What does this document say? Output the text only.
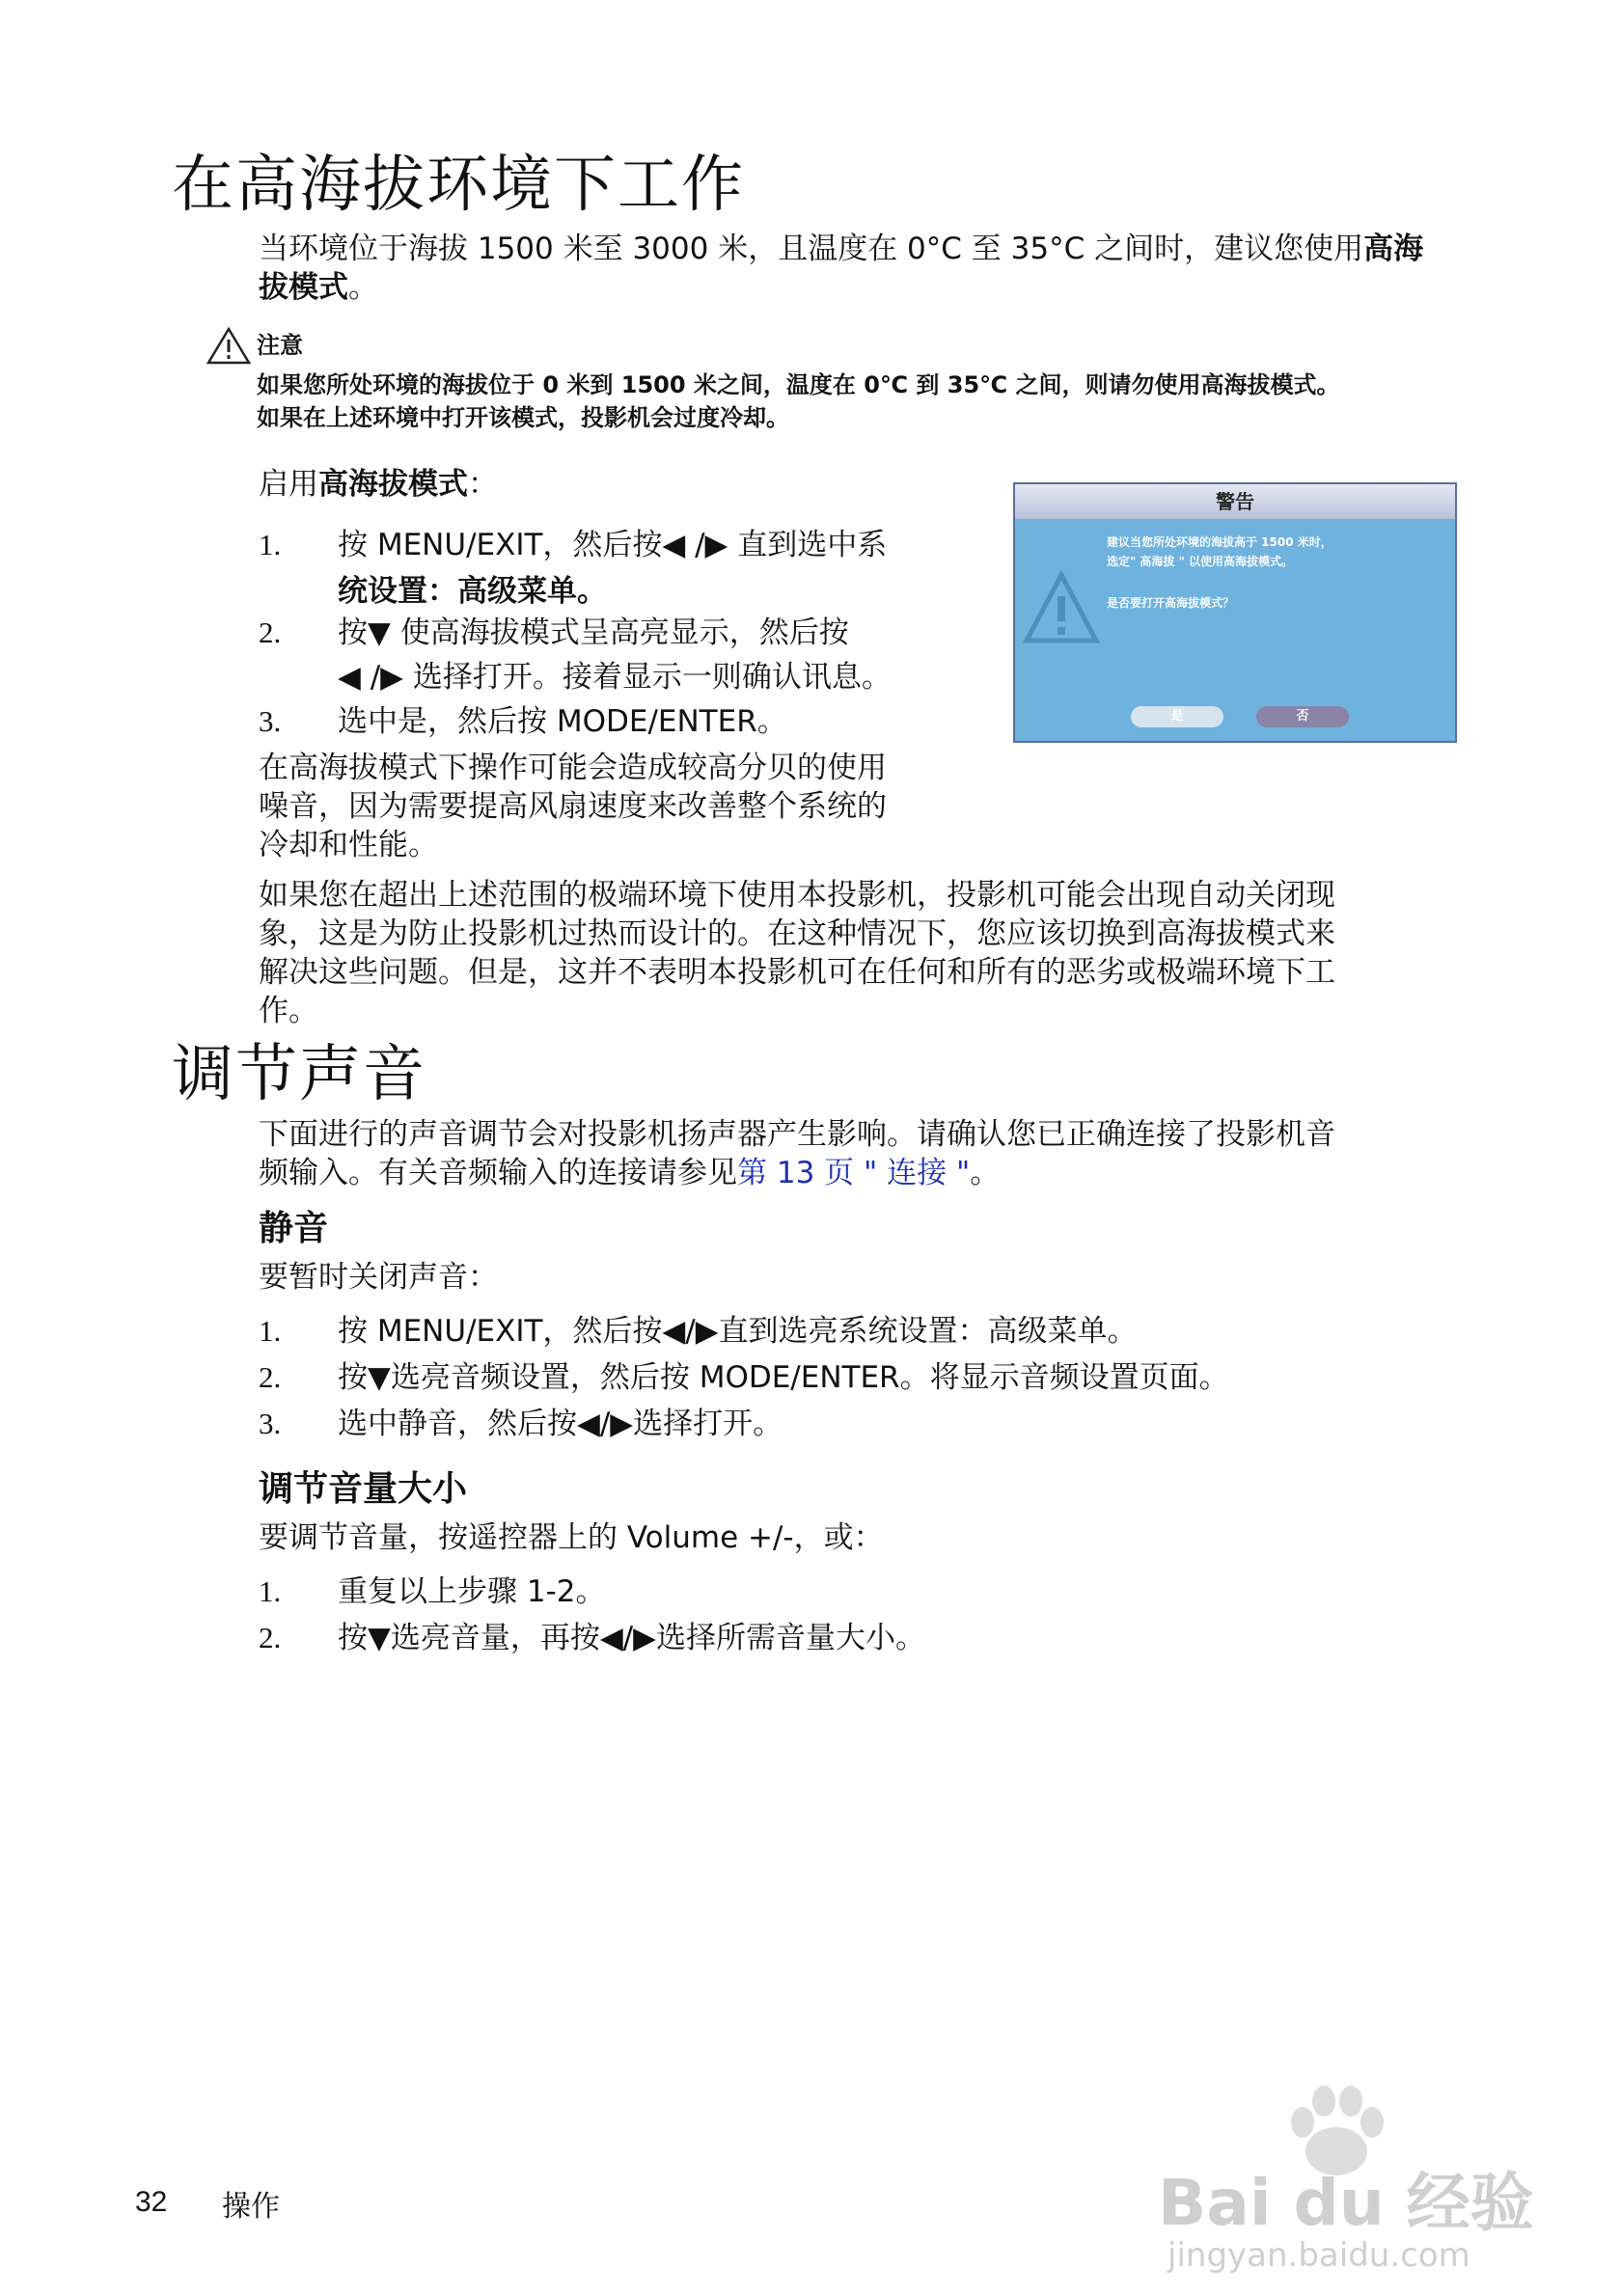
在高海拔环境下工作
当环境位于海拔 1500 米至 3000 米，且温度在 0°C 至 35°C 之间时，建议您使用高海
拔模式。
注意
如果您所处环境的海拔位于 0 米到 1500 米之间，温度在 0℃ 到 35℃ 之间，则请勿使用高海拔模式。
如果在上述环境中打开该模式，投影机会过度冷却。
启用高海拔模式：
1. 按 MENU/EXIT，然后按◀ /▶ 直到选中系
统设置：高级菜单。
2. 按▼ 使高海拔模式呈高亮显示，然后按
◀ /▶ 选择打开。接着显示一则确认讯息。
3. 选中是，然后按 MODE/ENTER。
在高海拔模式下操作可能会造成较高分贝的使用
噪音，因为需要提高风扇速度来改善整个系统的
冷却和性能。
如果您在超出上述范围的极端环境下使用本投影机，投影机可能会出现自动关闭现
象，这是为防止投影机过热而设计的。在这种情况下，您应该切换到高海拔模式来
解决这些问题。但是，这并不表明本投影机可在任何和所有的恶劣或极端环境下工
作。
警告
建议当您所处环境的海拔高于 1500 米时，
选定" 高海拔 " 以使用高海拔模式。
是否要打开高海拔模式？
是	否
调节声音
下面进行的声音调节会对投影机扬声器产生影响。请确认您已正确连接了投影机音
频输入。有关音频输入的连接请参见第 13 页 " 连接 "。
静音
要暂时关闭声音：
1. 按 MENU/EXIT，然后按◀/▶直到选亮系统设置：高级菜单。
2. 按▼选亮音频设置，然后按 MODE/ENTER。将显示音频设置页面。
3. 选中静音，然后按◀/▶选择打开。
调节音量大小
要调节音量，按遥控器上的 Volume +/-，或：
1. 重复以上步骤 1-2。
2. 按▼选亮音量，再按◀/▶选择所需音量大小。
32 操作	Bai du 经验
jingyan.baidu.com
